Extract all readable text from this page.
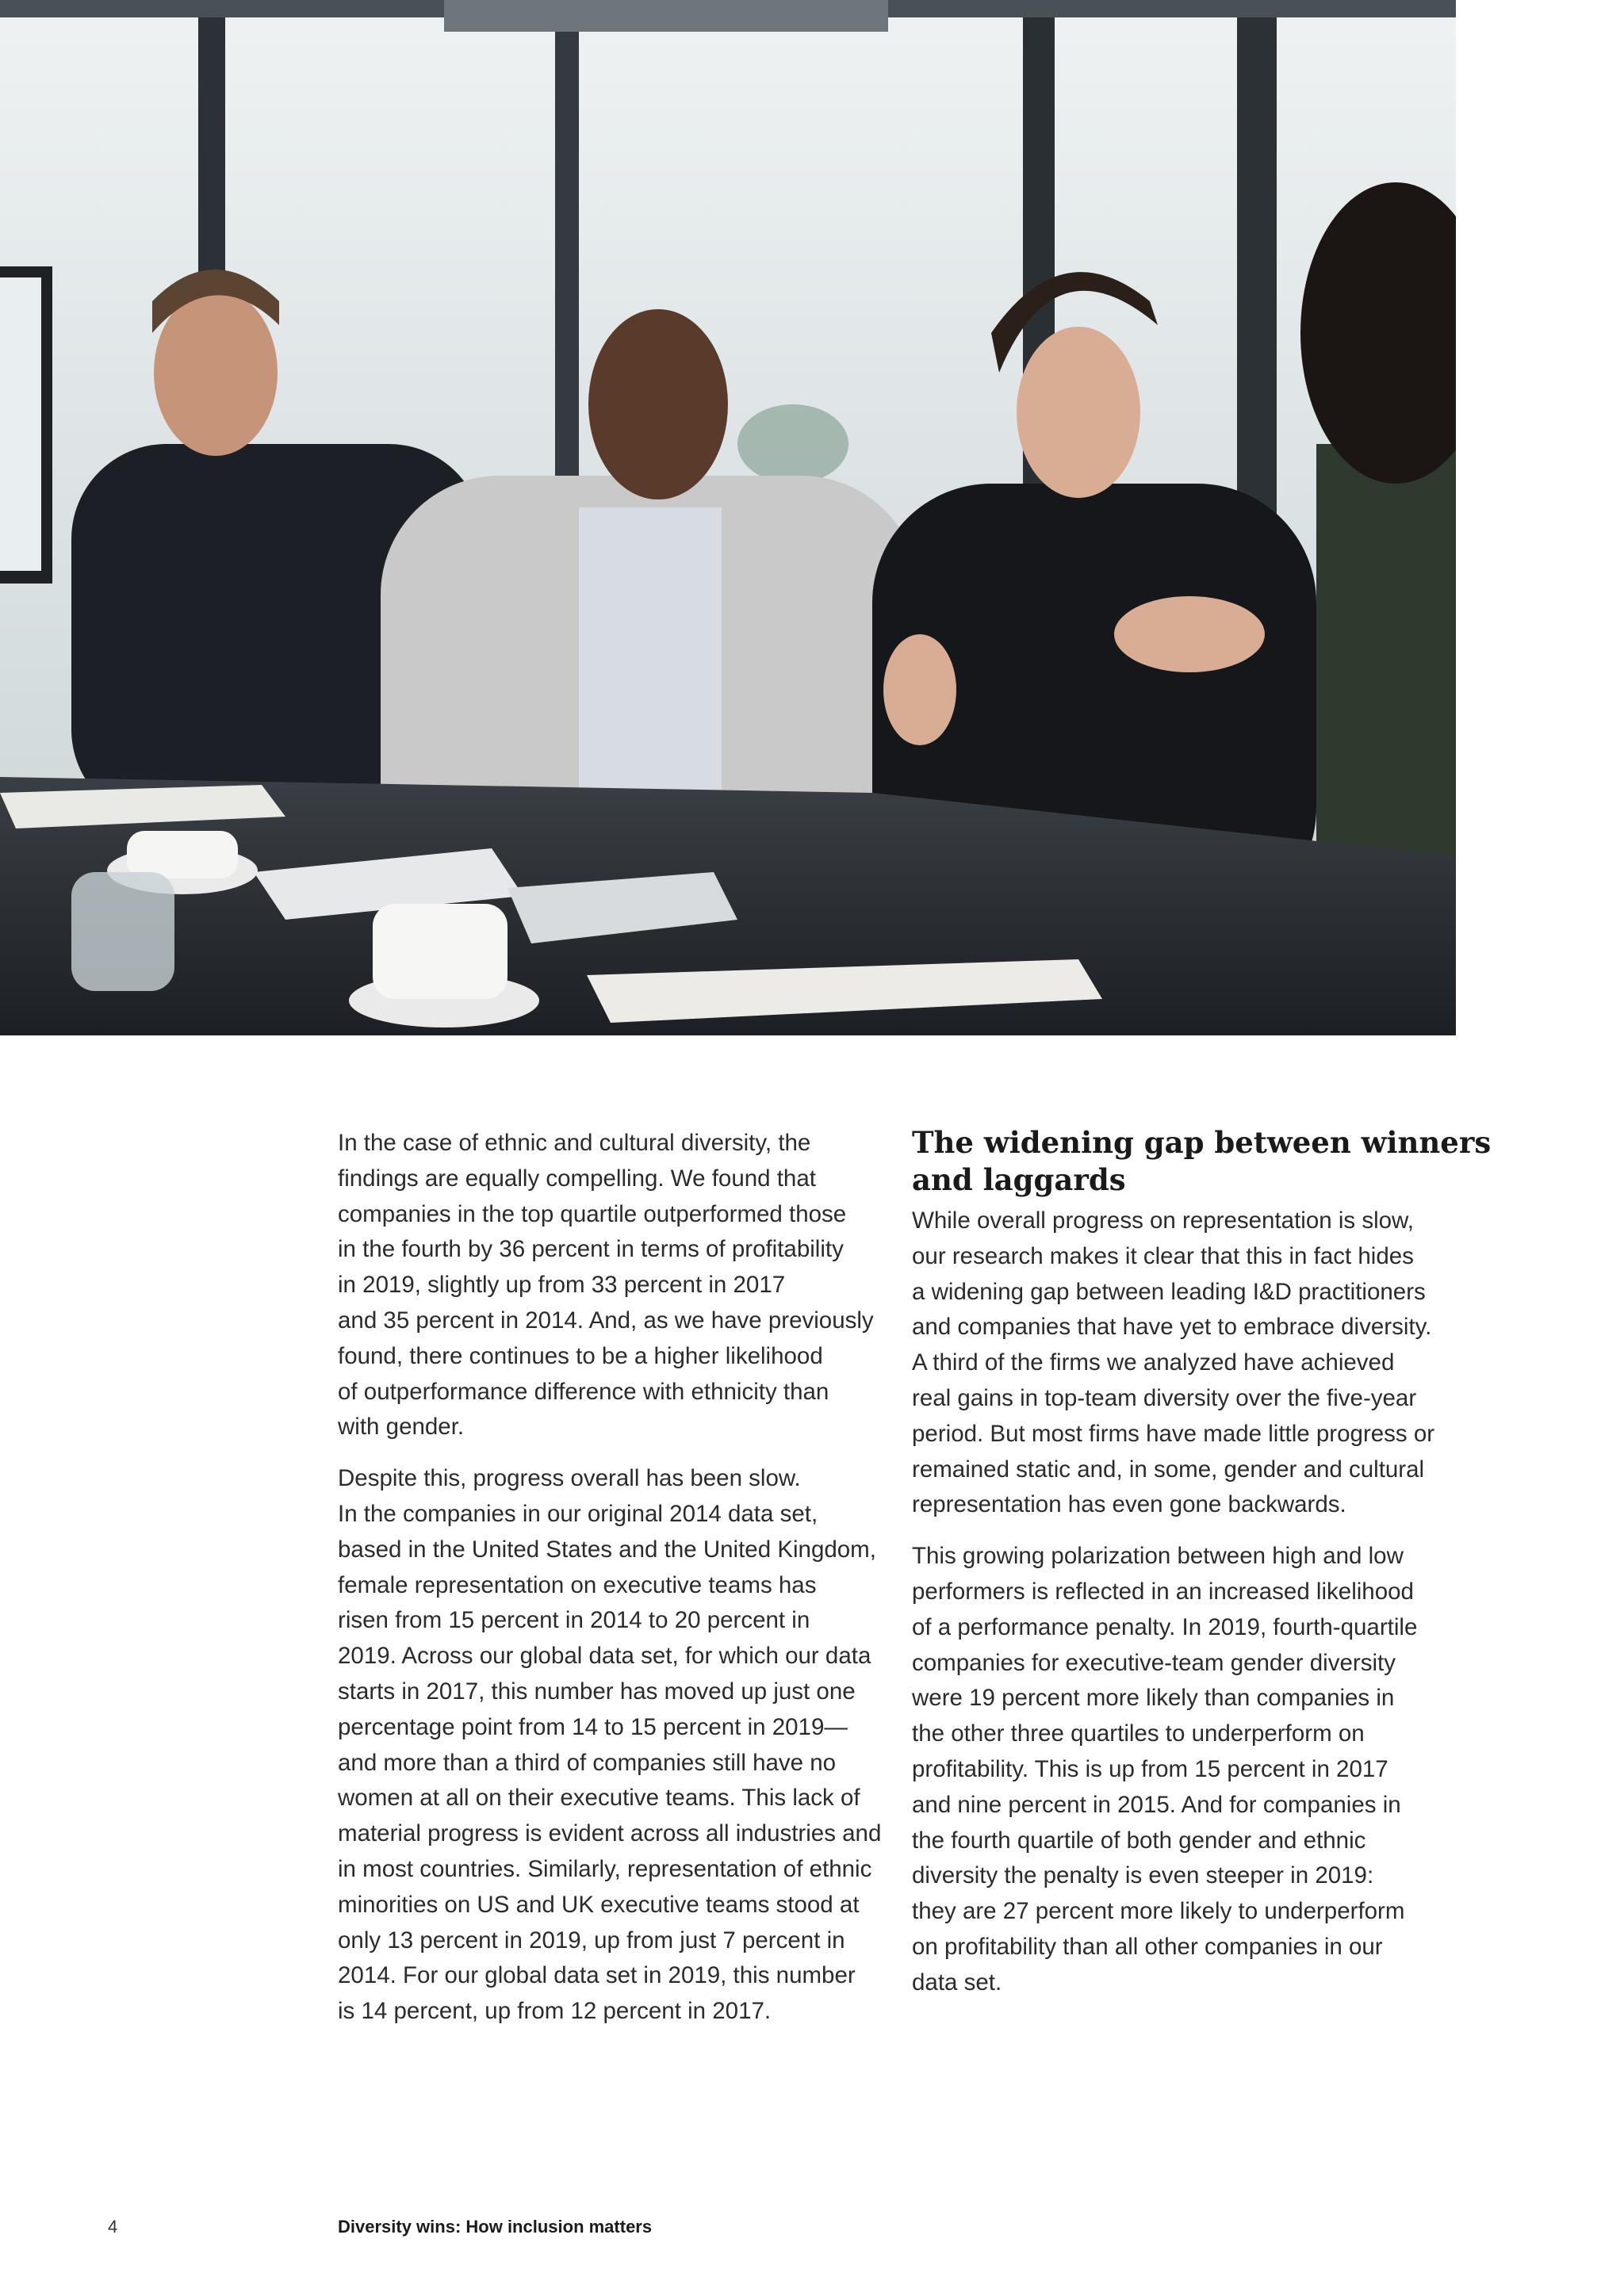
In the case of ethnic and cultural diversity, the
findings are equally compelling. We found that
companies in the top quartile outperformed those
in the fourth by 36 percent in terms of profitability
in 2019, slightly up from 33 percent in 2017
and 35 percent in 2014. And, as we have previously
found, there continues to be a higher likelihood
of outperformance difference with ethnicity than
with gender.

Despite this, progress overall has been slow.
In the companies in our original 2014 data set,
based in the United States and the United Kingdom,
female representation on executive teams has
risen from 15 percent in 2014 to 20 percent in
2019. Across our global data set, for which our data
starts in 2017, this number has moved up just one
percentage point from 14 to 15 percent in 2019—
and more than a third of companies still have no
women at all on their executive teams. This lack of
material progress is evident across all industries and
in most countries. Similarly, representation of ethnic
minorities on US and UK executive teams stood at
only 13 percent in 2019, up from just 7 percent in
2014. For our global data set in 2019, this number
is 14 percent, up from 12 percent in 2017.

The widening gap between winners
and laggards

While overall progress on representation is slow,
our research makes it clear that this in fact hides
a widening gap between leading I&D practitioners
and companies that have yet to embrace diversity.
A third of the firms we analyzed have achieved
real gains in top-team diversity over the five-year
period. But most firms have made little progress or
remained static and, in some, gender and cultural
representation has even gone backwards.

This growing polarization between high and low
performers is reflected in an increased likelihood
of a performance penalty. In 2019, fourth-quartile
companies for executive-team gender diversity
were 19 percent more likely than companies in
the other three quartiles to underperform on
profitability. This is up from 15 percent in 2017
and nine percent in 2015. And for companies in
the fourth quartile of both gender and ethnic
diversity the penalty is even steeper in 2019:
they are 27 percent more likely to underperform
on profitability than all other companies in our
data set.

4	Diversity wins: How inclusion matters
